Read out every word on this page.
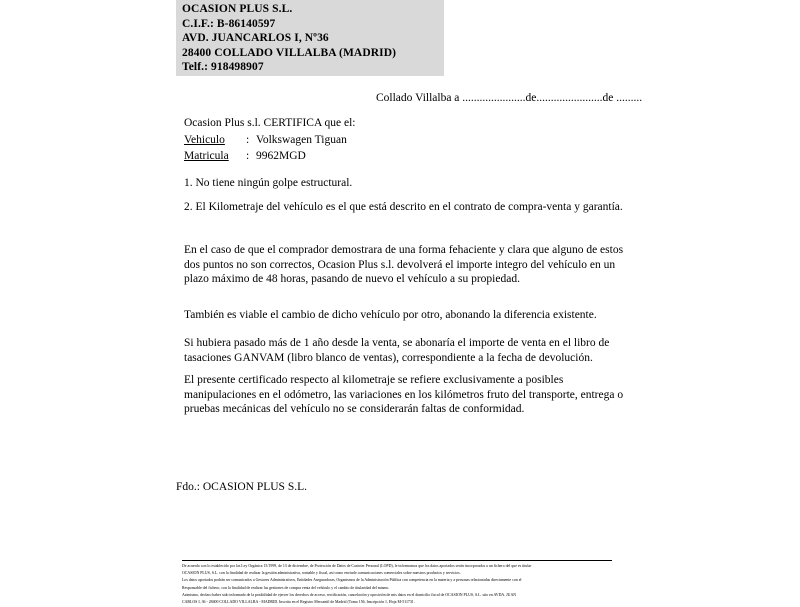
OCASION PLUS S.L.
C.I.F.: B-86140597
AVD. JUANCARLOS I, Nº36
28400 COLLADO VILLALBA (MADRID)
Telf.: 918498907
Collado Villalba a ......................de.......................de .........
Ocasion Plus s.l. CERTIFICA que el:
Vehiculo	: Volkswagen Tiguan
Matricula	: 9962MGD
1. No tiene ningún golpe estructural.
2. El Kilometraje del vehículo es el que está descrito en el contrato de compra-venta y garantía.
En el caso de que el comprador demostrara de una forma fehaciente y clara que alguno de estos dos puntos no son correctos, Ocasion Plus s.l. devolverá el importe integro del vehículo en un plazo máximo de 48 horas, pasando de nuevo el vehículo a su propiedad.
También es viable el cambio de dicho vehículo por otro, abonando la diferencia existente.
Si hubiera pasado más de 1 año desde la venta, se abonaría el importe de venta en el libro de tasaciones GANVAM (libro blanco de ventas), correspondiente a la fecha de devolución.
El presente certificado respecto al kilometraje se refiere exclusivamente a posibles manipulaciones en el odómetro, las variaciones en los kilómetros fruto del transporte, entrega o pruebas mecánicas del vehículo no se considerarán faltas de conformidad.
Fdo.: OCASION PLUS S.L.

De acuerdo con lo establecido por las Ley Orgánica 15/1999, de 13 de diciembre, de Protección de Datos de Carácter Personal (LOPD), le informamos que los datos aportados serán incorporados a un fichero del que es titular

OCASION PLUS, S.L. con la finalidad de realizar la gestión administrativa, contable y fiscal, así como enviarle comunicaciones comerciales sobre nuestros productos y servicios.

Los datos aportados podrán ser comunicados a Gestores Administrativos, Entidades Aseguradoras, Organismos de la Administración Pública con competencia en la materia y a personas relacionadas directamente con el

Responsable del fichero, con la finalidad de realizar las gestiones de compra venta del vehículo y el cambio de titularidad del mismo.

Asimismo, declaro haber sido informado de la posibilidad de ejercer los derechos de acceso, rectificación, cancelación y oposición de mis datos en el domicilio fiscal de OCASION PLUS, S.L. sito en AVDA. JUAN

CARLOS I, 36 - 28400 COLLADO VILLALBA - MADRID. Inscrita en el Registro Mercantil de Madrid (Tomo 156, Inscripción 1, Hoja M-511731.
